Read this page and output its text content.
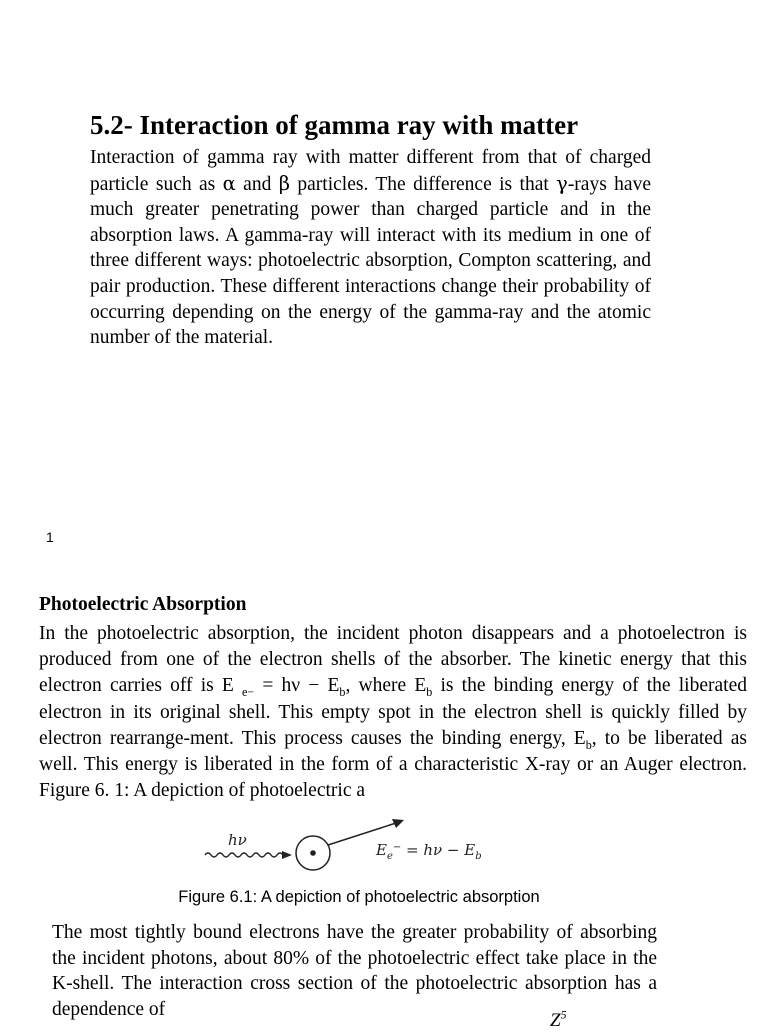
5.2- Interaction of gamma ray with matter
Interaction of gamma ray with matter different from that of charged particle such as α and β particles. The difference is that γ-rays have much greater penetrating power than charged particle and in the absorption laws. A gamma-ray will interact with its medium in one of three different ways: photoelectric absorption, Compton scattering, and pair production. These different interactions change their probability of occurring depending on the energy of the gamma-ray and the atomic number of the material.
1
Photoelectric Absorption
In the photoelectric absorption, the incident photon disappears and a photoelectron is produced from one of the electron shells of the absorber. The kinetic energy that this electron carries off is E $_{e-} = h\nu - E_b$, where $E_b$ is the binding energy of the liberated electron in its original shell. This empty spot in the electron shell is quickly filled by electron rearrange-ment. This process causes the binding energy, $E_b$, to be liberated as well. This energy is liberated in the form of a characteristic X-ray or an Auger electron. Figure 6. 1: A depiction of photoelectric a
hν
$E_e^- = h\nu - E_b$
Figure 6.1: A depiction of photoelectric absorption
The most tightly bound electrons have the greater probability of absorbing the incident photons, about 80% of the photoelectric effect take place in the K-shell. The interaction cross section of the photoelectric absorption has a dependence of
$Z^5$
